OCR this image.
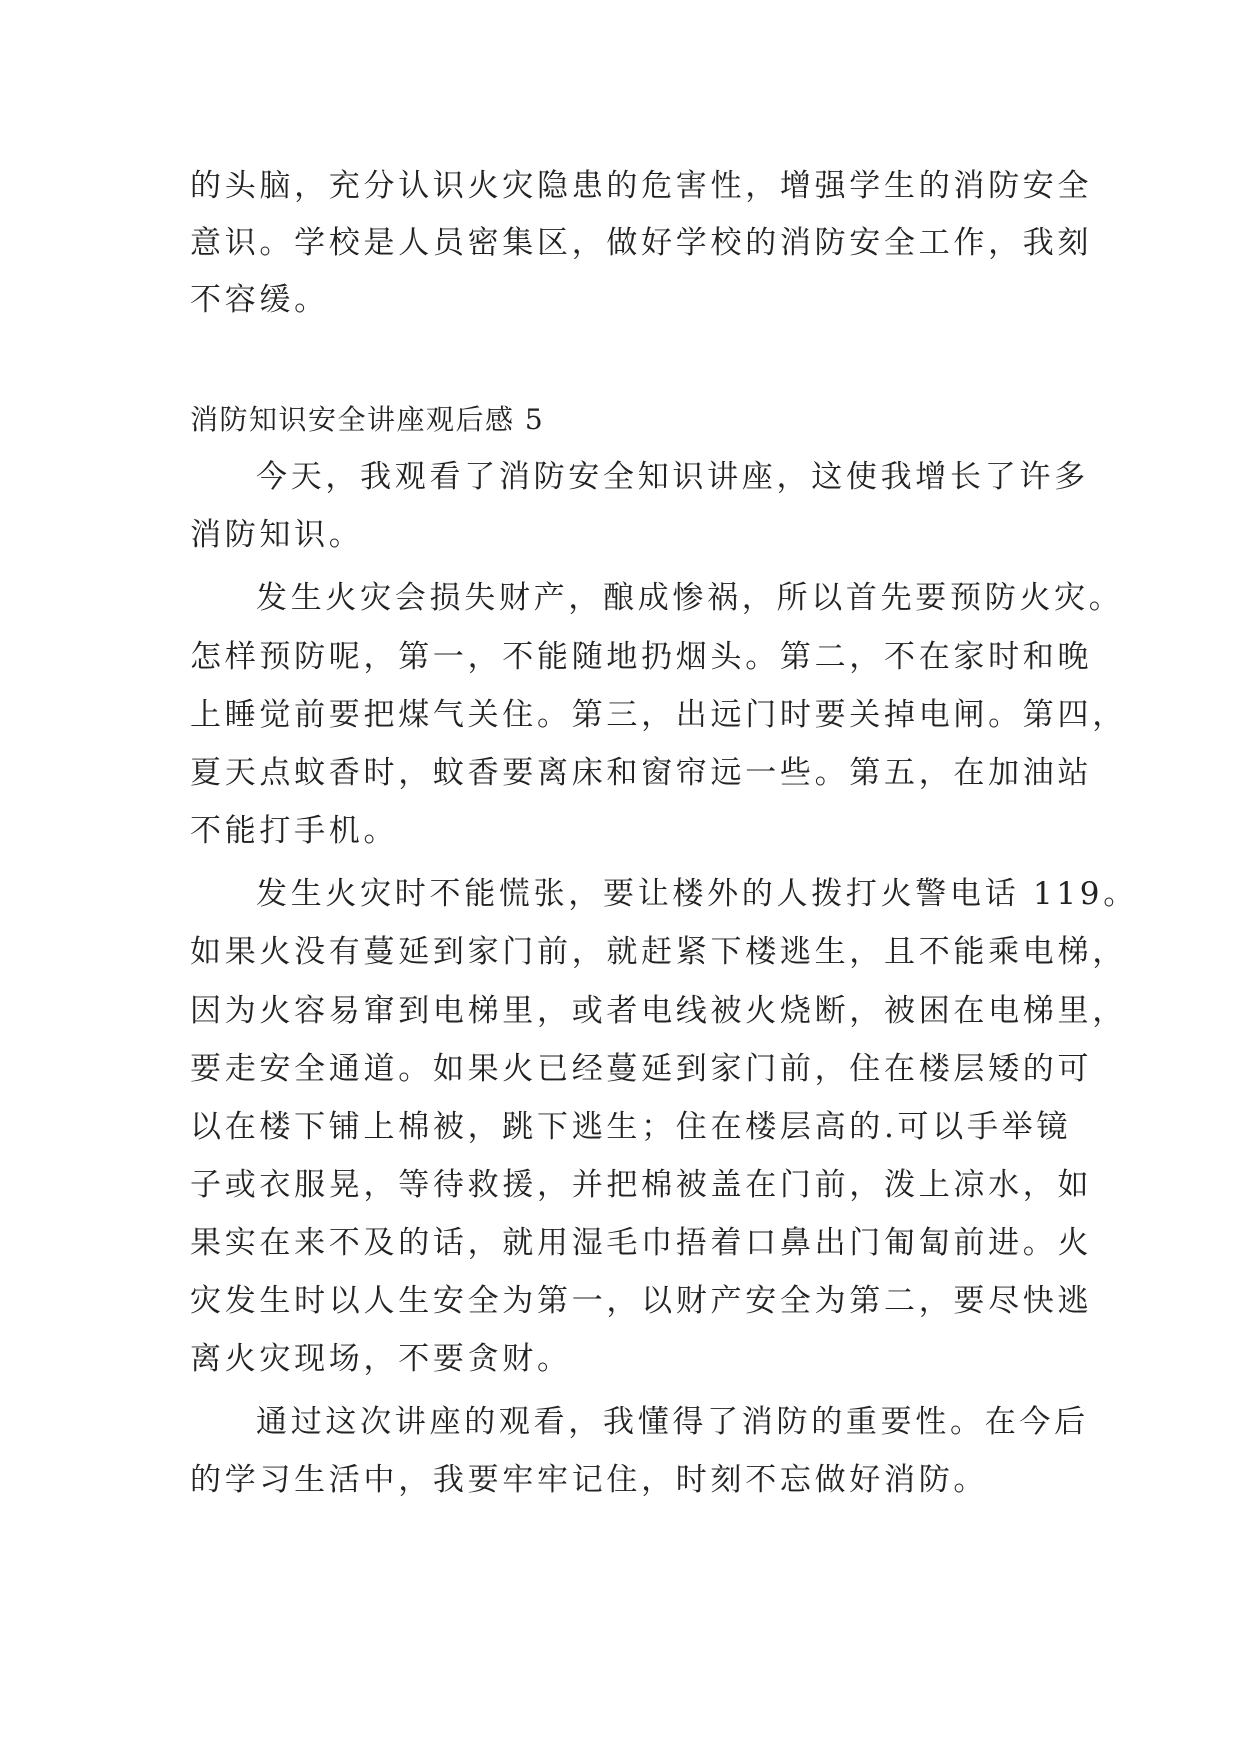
的头脑，充分认识火灾隐患的危害性，增强学生的消防安全
意识。学校是人员密集区，做好学校的消防安全工作，我刻
不容缓。
消防知识安全讲座观后感 5
今天，我观看了消防安全知识讲座，这使我增长了许多
消防知识。
发生火灾会损失财产，酿成惨祸，所以首先要预防火灾。
怎样预防呢，第一，不能随地扔烟头。第二，不在家时和晚
上睡觉前要把煤气关住。第三，出远门时要关掉电闸。第四，
夏天点蚊香时，蚊香要离床和窗帘远一些。第五，在加油站
不能打手机。
发生火灾时不能慌张，要让楼外的人拨打火警电话 119。
如果火没有蔓延到家门前，就赶紧下楼逃生，且不能乘电梯，
因为火容易窜到电梯里，或者电线被火烧断，被困在电梯里，
要走安全通道。如果火已经蔓延到家门前，住在楼层矮的可
以在楼下铺上棉被，跳下逃生；住在楼层高的.可以手举镜
子或衣服晃，等待救援，并把棉被盖在门前，泼上凉水，如
果实在来不及的话，就用湿毛巾捂着口鼻出门匍匐前进。火
灾发生时以人生安全为第一，以财产安全为第二，要尽快逃
离火灾现场，不要贪财。
通过这次讲座的观看，我懂得了消防的重要性。在今后
的学习生活中，我要牢牢记住，时刻不忘做好消防。
